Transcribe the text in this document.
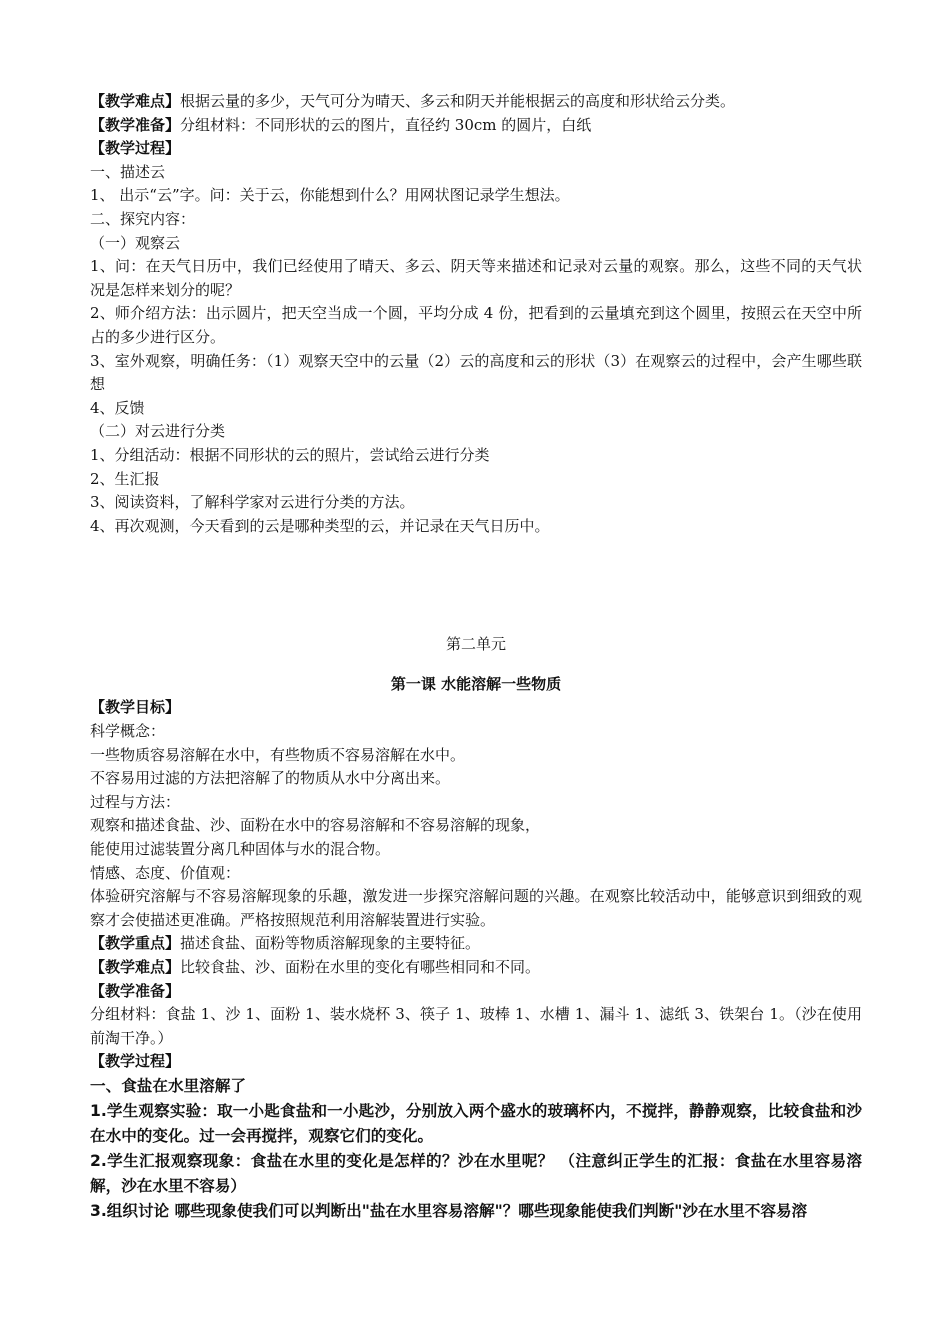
【教学难点】根据云量的多少，天气可分为晴天、多云和阴天并能根据云的高度和形状给云分类。
【教学准备】分组材料：不同形状的云的图片，直径约 30cm 的圆片，白纸
【教学过程】
一、描述云
1、 出示“云”字。问：关于云，你能想到什么？用网状图记录学生想法。
二、探究内容：
（一）观察云
1、问：在天气日历中，我们已经使用了晴天、多云、阴天等来描述和记录对云量的观察。那么，这些不同的天气状况是怎样来划分的呢？
2、师介绍方法：出示圆片，把天空当成一个圆，平均分成 4 份，把看到的云量填充到这个圆里，按照云在天空中所占的多少进行区分。
3、室外观察，明确任务：（1）观察天空中的云量（2）云的高度和云的形状（3）在观察云的过程中，会产生哪些联想
4、反馈
（二）对云进行分类
1、分组活动：根据不同形状的云的照片，尝试给云进行分类
2、生汇报
3、阅读资料，了解科学家对云进行分类的方法。
4、再次观测，今天看到的云是哪种类型的云，并记录在天气日历中。
第二单元
第一课 水能溶解一些物质
【教学目标】
科学概念：
一些物质容易溶解在水中，有些物质不容易溶解在水中。
不容易用过滤的方法把溶解了的物质从水中分离出来。
过程与方法：
观察和描述食盐、沙、面粉在水中的容易溶解和不容易溶解的现象，
能使用过滤装置分离几种固体与水的混合物。
情感、态度、价值观：
体验研究溶解与不容易溶解现象的乐趣，激发进一步探究溶解问题的兴趣。在观察比较活动中，能够意识到细致的观察才会使描述更准确。严格按照规范利用溶解装置进行实验。
【教学重点】描述食盐、面粉等物质溶解现象的主要特征。
【教学难点】比较食盐、沙、面粉在水里的变化有哪些相同和不同。
【教学准备】
分组材料：食盐 1、沙 1、面粉 1、装水烧杯 3、筷子 1、玻棒 1、水槽 1、漏斗 1、滤纸 3、铁架台 1。（沙在使用前淘干净。）
【教学过程】
一、食盐在水里溶解了
1.学生观察实验：取一小匙食盐和一小匙沙，分别放入两个盛水的玻璃杯内，不搅拌，静静观察，比较食盐和沙在水中的变化。过一会再搅拌，观察它们的变化。
2.学生汇报观察现象：食盐在水里的变化是怎样的？沙在水里呢？ （注意纠正学生的汇报：食盐在水里容易溶解，沙在水里不容易）
3.组织讨论 哪些现象使我们可以判断出"盐在水里容易溶解"？哪些现象能使我们判断"沙在水里不容易溶
